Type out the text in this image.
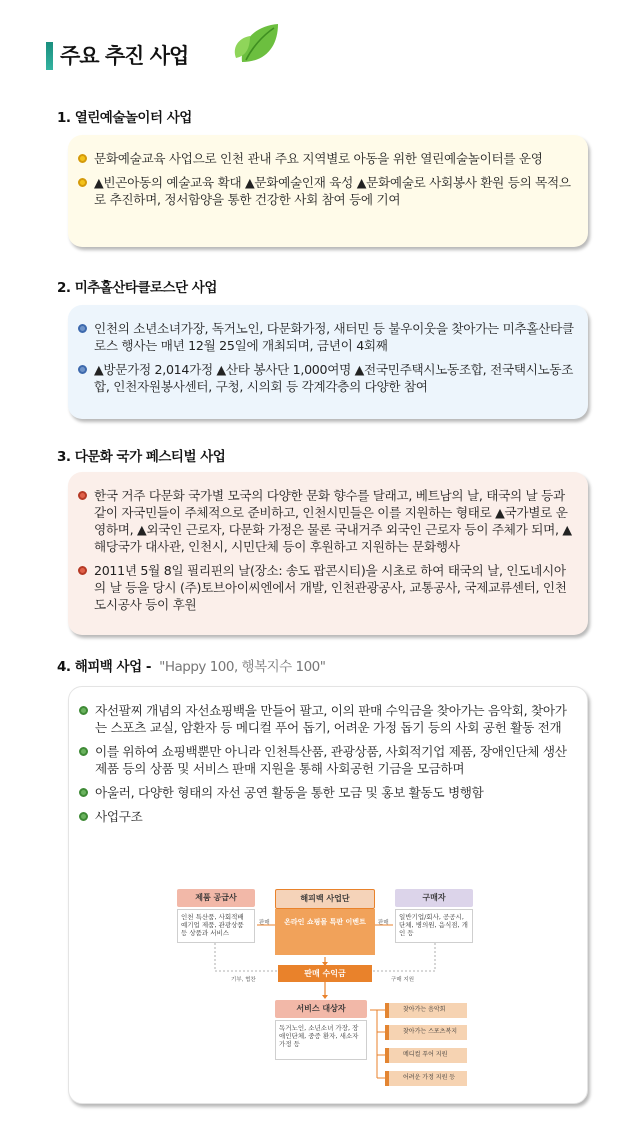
주요 추진 사업
1. 열린예술놀이터 사업
문화예술교육 사업으로 인천 관내 주요 지역별로 아동을 위한 열린예술놀이터를 운영
▲빈곤아동의 예술교육 확대 ▲문화예술인재 육성 ▲문화예술로 사회봉사 환원 등의 목적으로 추진하며, 정서함양을 통한 건강한 사회 참여 등에 기여
2. 미추홀산타클로스단 사업
인천의 소년소녀가장, 독거노인, 다문화가정, 새터민 등 불우이웃을 찾아가는 미추홀산타클로스 행사는 매년 12월 25일에 개최되며, 금년이 4회째
▲방문가정 2,014가정 ▲산타 봉사단 1,000여명 ▲전국민주택시노동조합, 전국택시노동조합, 인천자원봉사센터, 구청, 시의회 등 각계각층의 다양한 참여
3. 다문화 국가 페스티벌 사업
한국 거주 다문화 국가별 모국의 다양한 문화 향수를 달래고, 베트남의 날, 태국의 날 등과 같이 자국민들이 주체적으로 준비하고, 인천시민들은 이를 지원하는 형태로 ▲국가별로 운영하며, ▲외국인 근로자, 다문화 가정은 물론 국내거주 외국인 근로자 등이 주체가 되며, ▲해당국가 대사관, 인천시, 시민단체 등이 후원하고 지원하는 문화행사
2011년 5월 8일 필리핀의 날(장소: 송도 팝콘시티)을 시초로 하여 태국의 날, 인도네시아의 날 등을 당시 (주)토브아이씨엔에서 개발, 인천관광공사, 교통공사, 국제교류센터, 인천도시공사 등이 후원
4. 해피백 사업 - "Happy 100, 행복지수 100"
자선팔찌 개념의 자선쇼핑백을 만들어 팔고, 이의 판매 수익금을 찾아가는 음악회, 찾아가는 스포츠 교실, 암환자 등 메디컬 푸어 돕기, 어려운 가정 돕기 등의 사회 공헌 활동 전개
이를 위하여 쇼핑백뿐만 아니라 인천특산품, 관광상품, 사회적기업 제품, 장애인단체 생산제품 등의 상품 및 서비스 판매 지원을 통해 사회공헌 기금을 모금하며
아울러, 다양한 형태의 자선 공연 활동을 통한 모금 및 홍보 활동도 병행함
사업구조
제품 공급사
인천 특산품, 사회적배 예기업 제품, 관광상품 등 상품과 서비스
해피백 사업단
온라인 쇼핑몰 특판 이벤트
구매자
일반기업/회사, 공공시, 단체, 병의원, 음식점, 개인 등
판매	판매
판매 수익금
기부, 협찬	구매 지원
서비스 대상자
독거노인, 소년소녀 가장, 장애인단체, 중증 환자, 새소자 가정 등
찾아가는 음악회
찾아가는 스포츠복지
메디컬 푸어 지원
어려운 가정 지원 등
